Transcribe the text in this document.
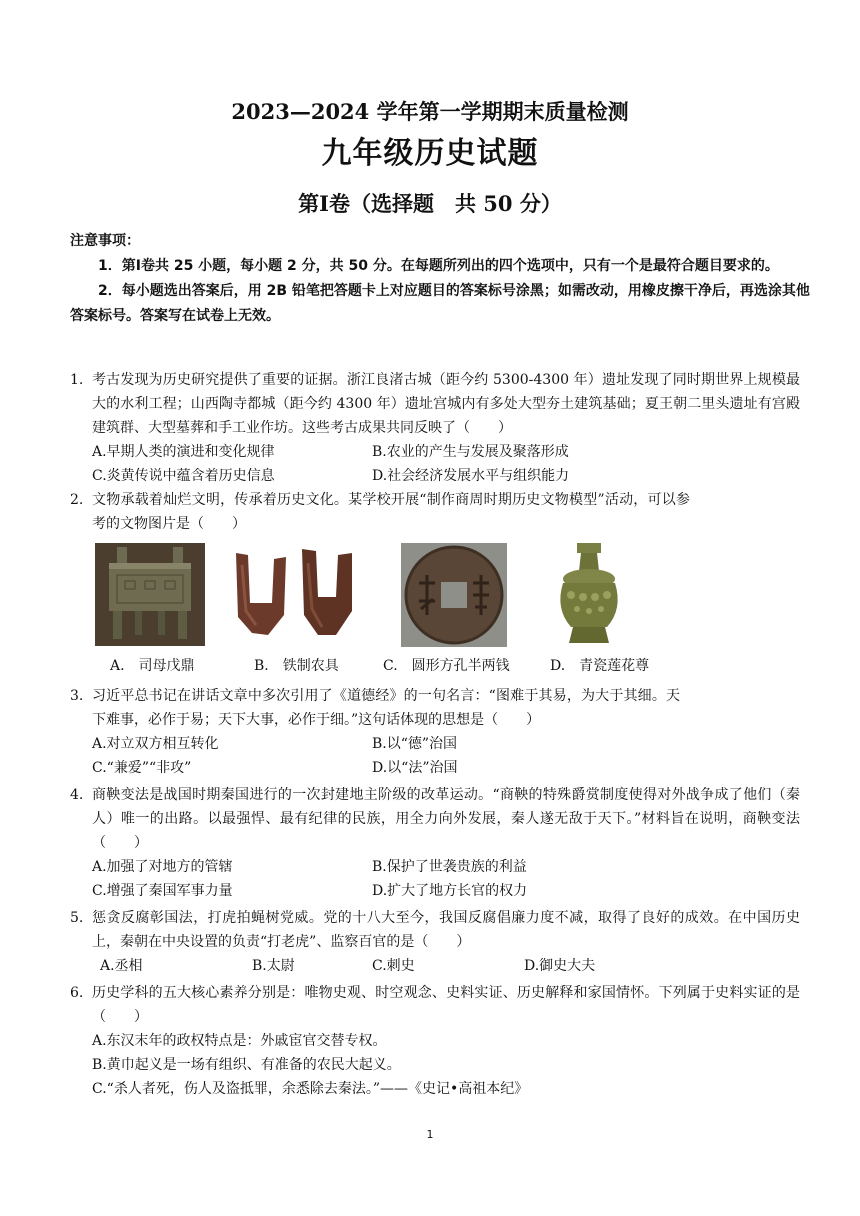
2023—2024 学年第一学期期末质量检测
九年级历史试题
第Ⅰ卷（选择题　共 50 分）
注意事项：
1．第Ⅰ卷共 25 小题，每小题 2 分，共 50 分。在每题所列出的四个选项中，只有一个是最符合题目要求的。
2．每小题选出答案后，用 2B 铅笔把答题卡上对应题目的答案标号涂黑；如需改动，用橡皮擦干净后，再选涂其他答案标号。答案写在试卷上无效。
1. 考古发现为历史研究提供了重要的证据。浙江良渚古城（距今约 5300-4300 年）遗址发现了同时期世界上规模最大的水利工程；山西陶寺都城（距今约 4300 年）遗址宫城内有多处大型夯土建筑基础；夏王朝二里头遗址有宫殿建筑群、大型墓葬和手工业作坊。这些考古成果共同反映了（　　）
A.早期人类的演进和变化规律	B.农业的产生与发展及聚落形成
C.炎黄传说中蕴含着历史信息	D.社会经济发展水平与组织能力
2. 文物承载着灿烂文明，传承着历史文化。某学校开展“制作商周时期历史文物模型”活动，可以参考的文物图片是（　　）
A.　司母戊鼎	B.　铁制农具	C.　圆形方孔半两钱	D.　青瓷莲花尊
3. 习近平总书记在讲话文章中多次引用了《道德经》的一句名言：“图难于其易，为大于其细。天下难事，必作于易；天下大事，必作于细。”这句话体现的思想是（　　）
A.对立双方相互转化	B.以“德”治国
C.“兼爱”“非攻”	D.以“法”治国
4. 商鞅变法是战国时期秦国进行的一次封建地主阶级的改革运动。“商鞅的特殊爵赏制度使得对外战争成了他们（秦人）唯一的出路。以最强悍、最有纪律的民族，用全力向外发展，秦人遂无敌于天下。”材料旨在说明，商鞅变法（　　）
A.加强了对地方的管辖	B.保护了世袭贵族的利益
C.增强了秦国军事力量	D.扩大了地方长官的权力
5. 惩贪反腐彰国法，打虎拍蝇树党威。党的十八大至今，我国反腐倡廉力度不减，取得了良好的成效。在中国历史上，秦朝在中央设置的负责“打老虎”、监察百官的是（　　）
A.丞相	B.太尉	C.刺史	D.御史大夫
6. 历史学科的五大核心素养分别是：唯物史观、时空观念、史料实证、历史解释和家国情怀。下列属于史料实证的是（　　）
A.东汉末年的政权特点是：外戚宦官交替专权。
B.黄巾起义是一场有组织、有准备的农民大起义。
C.“杀人者死，伤人及盗抵罪，余悉除去秦法。”——《史记•高祖本纪》
1
